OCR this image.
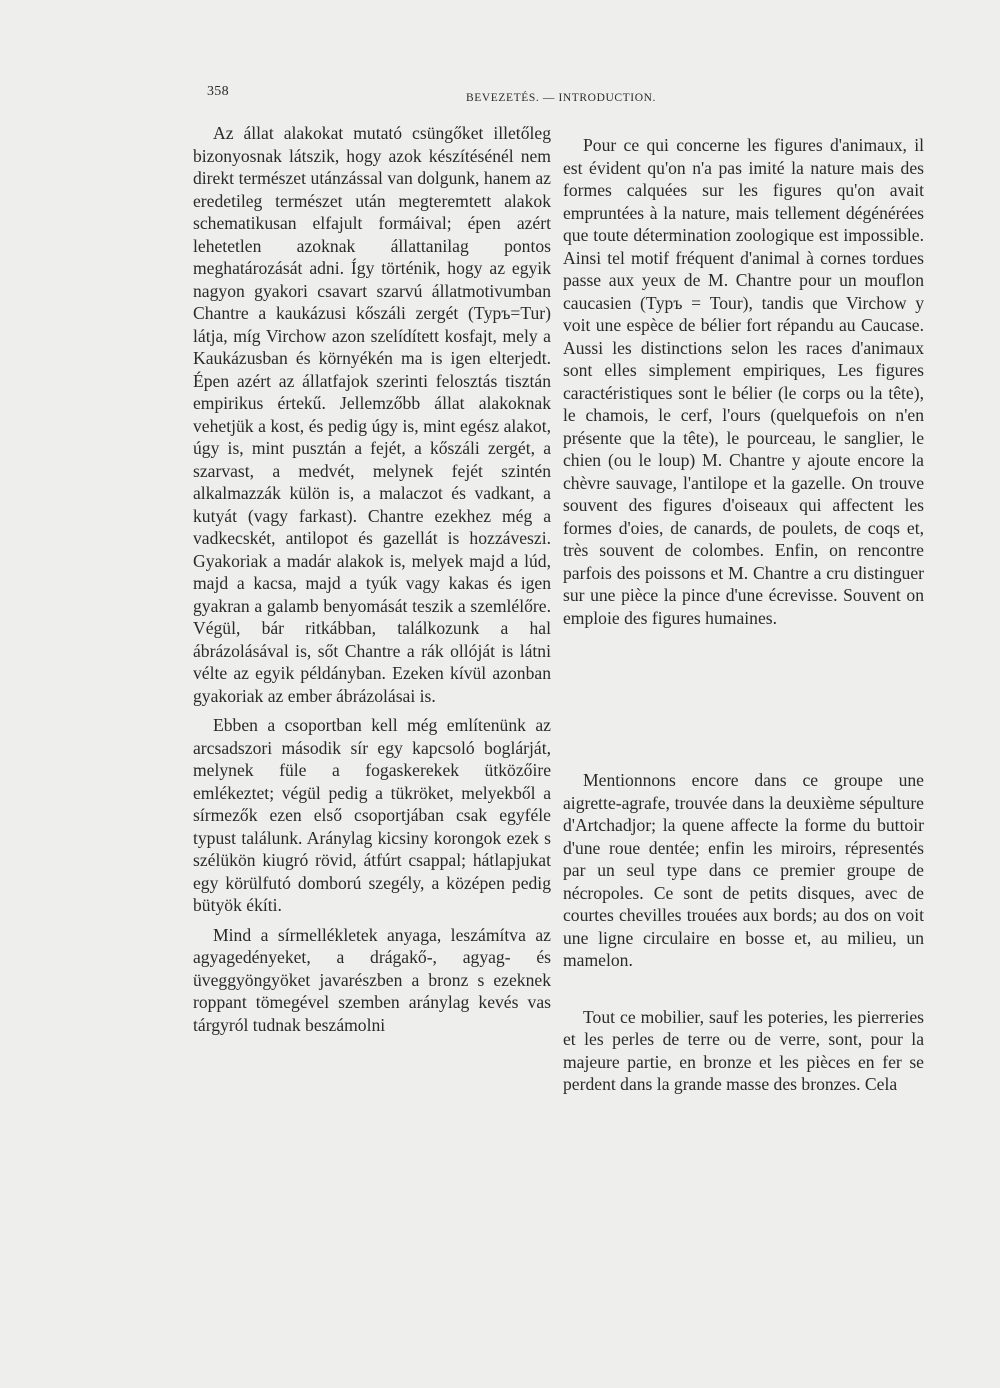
358	BEVEZETÉS. — INTRODUCTION.

Az állat alakokat mutató csüngőket illetőleg bizonyosnak látszik, hogy azok készítésénél nem direkt természet utánzással van dolgunk, hanem az eredetileg természet után megteremtett alakok schematikusan elfajult formáival; épen azért lehetetlen azoknak állattanilag pontos meghatározását adni. Így történik, hogy az egyik nagyon gyakori csavart szarvú állatmotivumban Chantre a kaukázusi kőszáli zergét (Туръ=Tur) látja, míg Virchow azon szelídített kosfajt, mely a Kaukázusban és környékén ma is igen elterjedt. Épen azért az állatfajok szerinti felosztás tisztán empirikus értekű. Jellemzőbb állat alakoknak vehetjük a kost, és pedig úgy is, mint egész alakot, úgy is, mint pusztán a fejét, a kőszáli zergét, a szarvast, a medvét, melynek fejét szintén alkalmazzák külön is, a malaczot és vadkant, a kutyát (vagy farkast). Chantre ezekhez még a vadkecskét, antilopot és gazellát is hozzáveszi. Gyakoriak a madár alakok is, melyek majd a lúd, majd a kacsa, majd a tyúk vagy kakas és igen gyakran a galamb benyomását teszik a szemlélőre. Végül, bár ritkábban, találkozunk a hal ábrázolásával is, sőt Chantre a rák ollóját is látni vélte az egyik példányban. Ezeken kívül azonban gyakoriak az ember ábrázolásai is.

Ebben a csoportban kell még említenünk az arcsadszori második sír egy kapcsoló boglárját, melynek füle a fogaskerekek ütközőire emlékeztet; végül pedig a tükröket, melyekből a sírmezők ezen első csoportjában csak egyféle typust találunk. Aránylag kicsiny korongok ezek s szélükön kiugró rövid, átfúrt csappal; hátlapjukat egy körülfutó domború szegély, a középen pedig bütyök ékíti.

Mind a sírmellékletek anyaga, leszámítva az agyagedényeket, a drágakő-, agyag- és üveggyöngyöket javarészben a bronz s ezeknek roppant tömegével szemben aránylag kevés vas tárgyról tudnak beszámolni

Pour ce qui concerne les figures d'animaux, il est évident qu'on n'a pas imité la nature mais des formes calquées sur les figures qu'on avait empruntées à la nature, mais tellement dégénérées que toute détermination zoologique est impossible. Ainsi tel motif fréquent d'animal à cornes tordues passe aux yeux de M. Chantre pour un mouflon caucasien (Туръ = Tour), tandis que Virchow y voit une espèce de bélier fort répandu au Caucase. Aussi les distinctions selon les races d'animaux sont elles simplement empiriques, Les figures caractéristiques sont le bélier (le corps ou la tête), le chamois, le cerf, l'ours (quelquefois on n'en présente que la tête), le pourceau, le sanglier, le chien (ou le loup) M. Chantre y ajoute encore la chèvre sauvage, l'antilope et la gazelle. On trouve souvent des figures d'oiseaux qui affectent les formes d'oies, de canards, de poulets, de coqs et, très souvent de colombes. Enfin, on rencontre parfois des poissons et M. Chantre a cru distinguer sur une pièce la pince d'une écrevisse. Souvent on emploie des figures humaines.

Mentionnons encore dans ce groupe une aigrette-agrafe, trouvée dans la deuxième sépulture d'Artchadjor; la quene affecte la forme du buttoir d'une roue dentée; enfin les miroirs, répresentés par un seul type dans ce premier groupe de nécropoles. Ce sont de petits disques, avec de courtes chevilles trouées aux bords; au dos on voit une ligne circulaire en bosse et, au milieu, un mamelon.

Tout ce mobilier, sauf les poteries, les pierreries et les perles de terre ou de verre, sont, pour la majeure partie, en bronze et les pièces en fer se perdent dans la grande masse des bronzes. Cela
